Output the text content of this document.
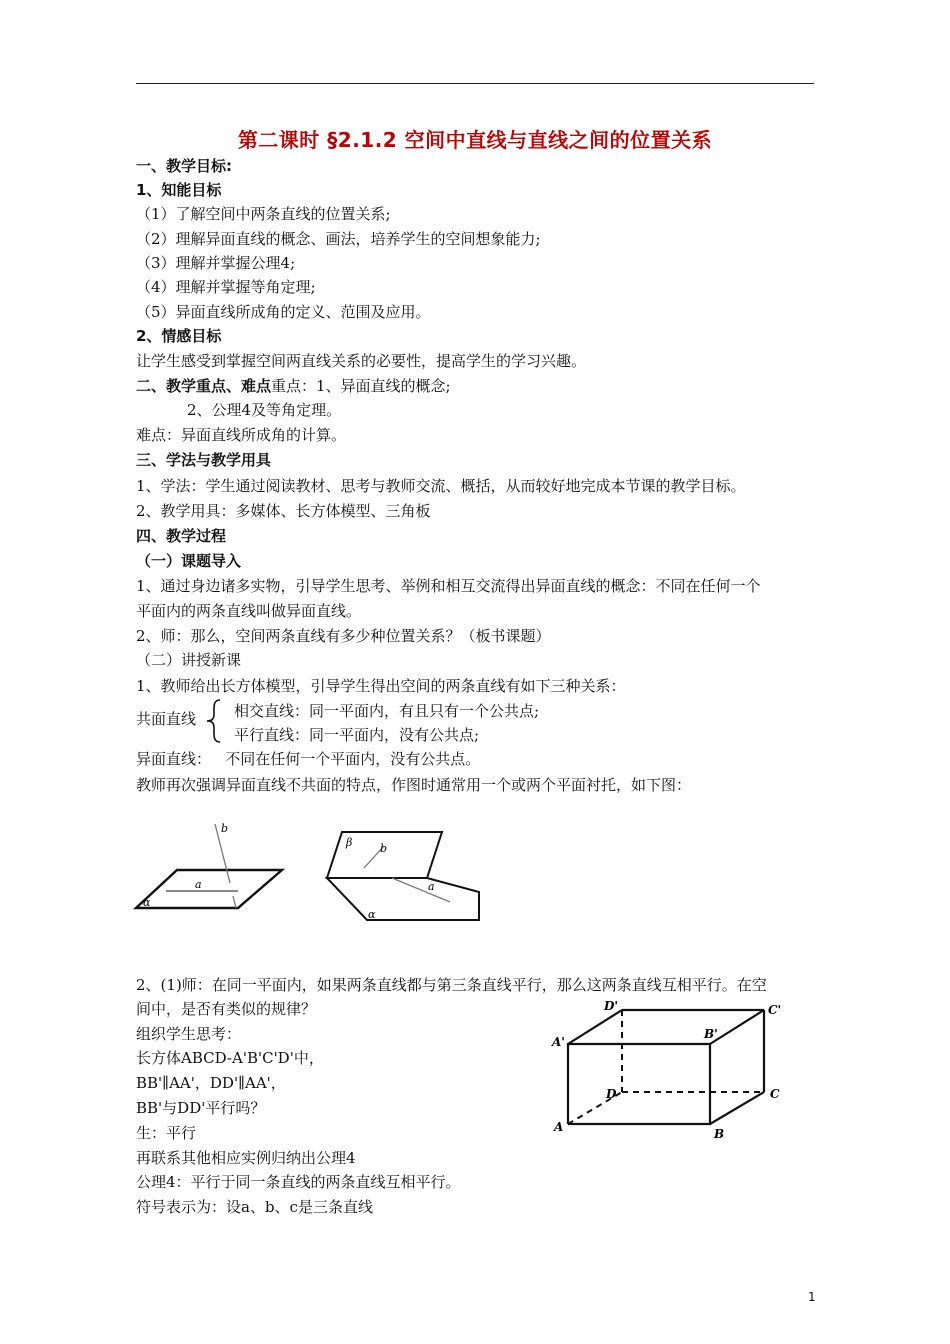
第二课时 §2.1.2 空间中直线与直线之间的位置关系
一、教学目标:
1、知能目标
（1）了解空间中两条直线的位置关系;
（2）理解异面直线的概念、画法，培养学生的空间想象能力;
（3）理解并掌握公理4;
（4）理解并掌握等角定理;
（5）异面直线所成角的定义、范围及应用。
2、情感目标
让学生感受到掌握空间两直线关系的必要性，提高学生的学习兴趣。
二、教学重点、难点重点：1、异面直线的概念;
2、公理4及等角定理。
难点：异面直线所成角的计算。
三、学法与教学用具
1、学法：学生通过阅读教材、思考与教师交流、概括，从而较好地完成本节课的教学目标。
2、教学用具：多媒体、长方体模型、三角板
四、教学过程
（一）课题导入
1、通过身边诸多实物，引导学生思考、举例和相互交流得出异面直线的概念：不同在任何一个
平面内的两条直线叫做异面直线。
2、师：那么，空间两条直线有多少种位置关系？（板书课题）
（二）讲授新课
1、教师给出长方体模型，引导学生得出空间的两条直线有如下三种关系：
共面直线	相交直线：同一平面内，有且只有一个公共点;
平行直线：同一平面内，没有公共点;
异面直线：   不同在任何一个平面内，没有公共点。
教师再次强调异面直线不共面的特点，作图时通常用一个或两个平面衬托，如下图：
a
b
α
β	b
a
α
2、(1)师：在同一平面内，如果两条直线都与第三条直线平行，那么这两条直线互相平行。在空
间中，是否有类似的规律？
组织学生思考：
长方体ABCD-A'B'C'D'中，
BB'∥AA'，DD'∥AA'，
BB'与DD'平行吗？
生：平行
再联系其他相应实例归纳出公理4
公理4：平行于同一条直线的两条直线互相平行。
符号表示为：设a、b、c是三条直线
A	B
C
D
A'
B'
C'
D'
1
